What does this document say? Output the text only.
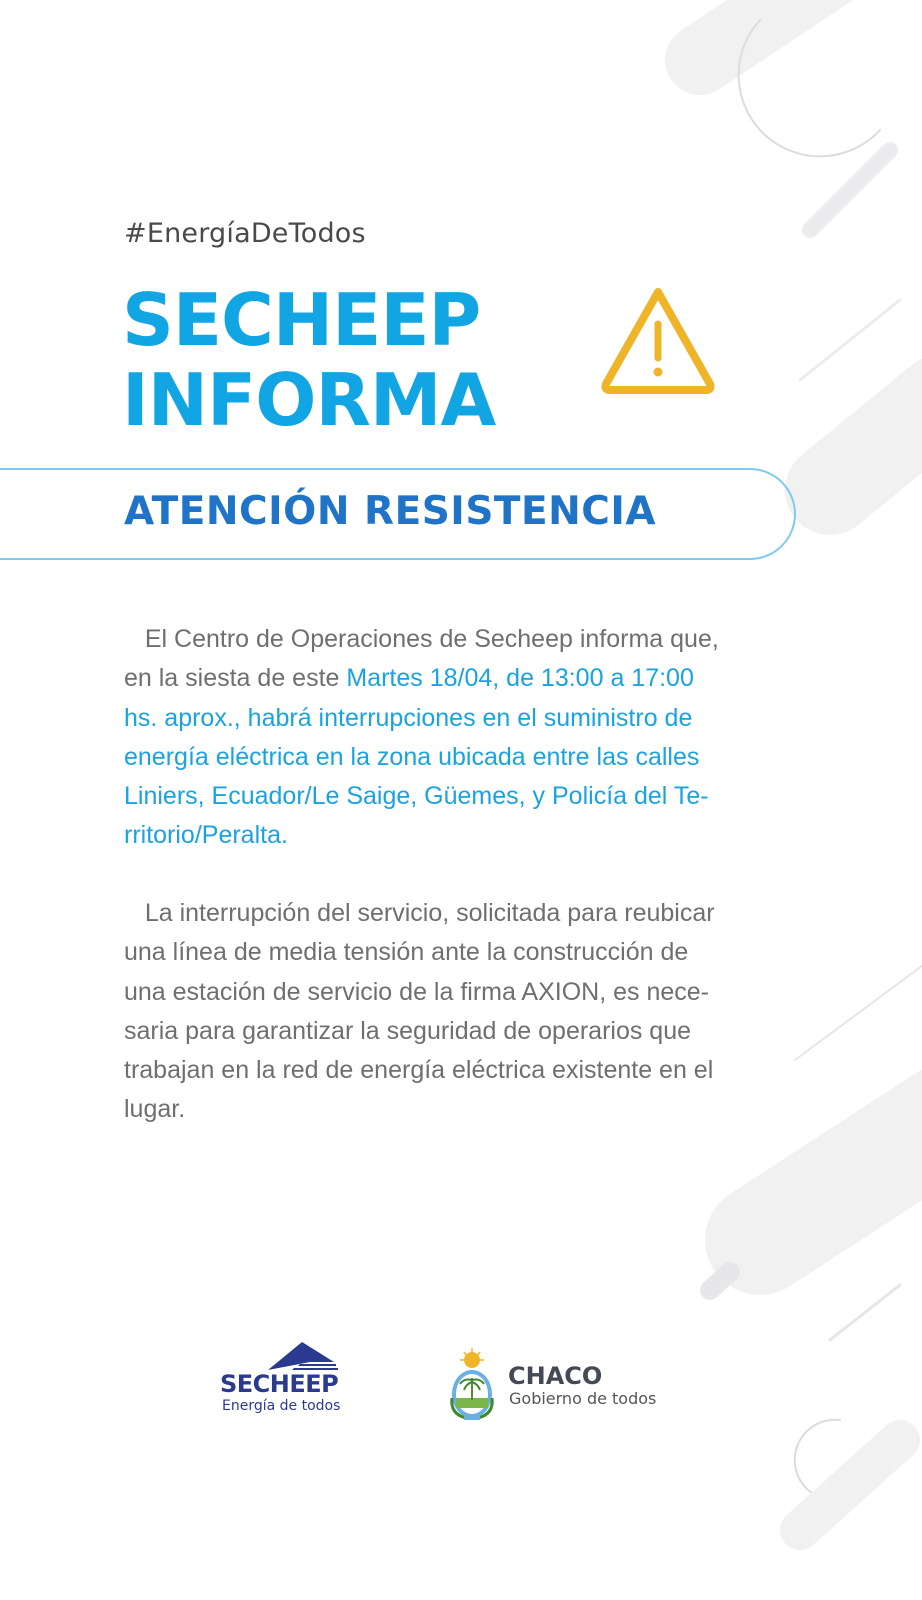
#EnergíaDeTodos
SECHEEP
INFORMA
ATENCIÓN RESISTENCIA
El Centro de Operaciones de Secheep informa que,
en la siesta de este Martes 18/04, de 13:00 a 17:00
hs. aprox., habrá interrupciones en el suministro de
energía eléctrica en la zona ubicada entre las calles
Liniers, Ecuador/Le Saige, Güemes, y Policía del Te-
rritorio/Peralta.
La interrupción del servicio, solicitada para reubicar
una línea de media tensión ante la construcción de
una estación de servicio de la firma AXION, es nece-
saria para garantizar la seguridad de operarios que
trabajan en la red de energía eléctrica existente en el
lugar.
SECHEEP
Energía de todos
CHACO
Gobierno de todos
